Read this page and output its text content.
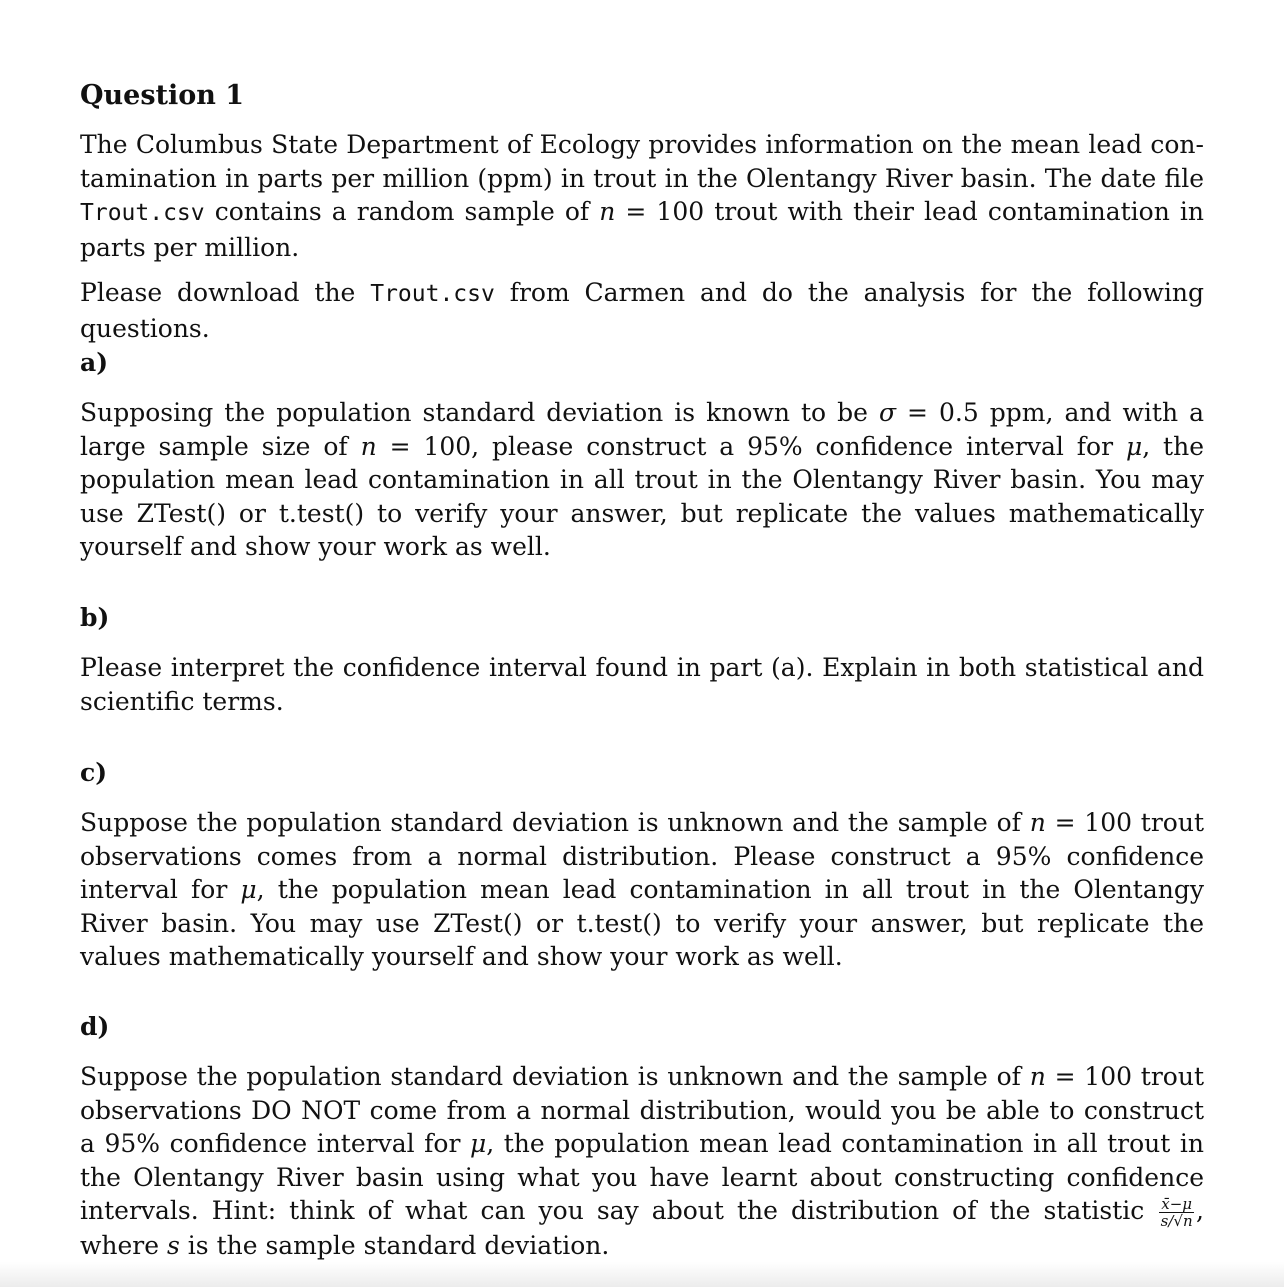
Question 1
The Columbus State Department of Ecology provides information on the mean lead con-tamination in parts per million (ppm) in trout in the Olentangy River basin. The date file Trout.csv contains a random sample of n = 100 trout with their lead contamination in parts per million.
Please download the Trout.csv from Carmen and do the analysis for the following questions.
a)
Supposing the population standard deviation is known to be σ = 0.5 ppm, and with a large sample size of n = 100, please construct a 95% confidence interval for μ, the population mean lead contamination in all trout in the Olentangy River basin. You may use ZTest() or t.test() to verify your answer, but replicate the values mathematically yourself and show your work as well.
b)
Please interpret the confidence interval found in part (a). Explain in both statistical and scientific terms.
c)
Suppose the population standard deviation is unknown and the sample of n = 100 trout observations comes from a normal distribution. Please construct a 95% confidence interval for μ, the population mean lead contamination in all trout in the Olentangy River basin. You may use ZTest() or t.test() to verify your answer, but replicate the values mathematically yourself and show your work as well.
d)
Suppose the population standard deviation is unknown and the sample of n = 100 trout observations DO NOT come from a normal distribution, would you be able to construct a 95% confidence interval for μ, the population mean lead contamination in all trout in the Olentangy River basin using what you have learnt about constructing confidence intervals. Hint: think of what can you say about the distribution of the statistic $\frac{x̄-\mu}{s/√n}$ , where s is the sample standard deviation.
